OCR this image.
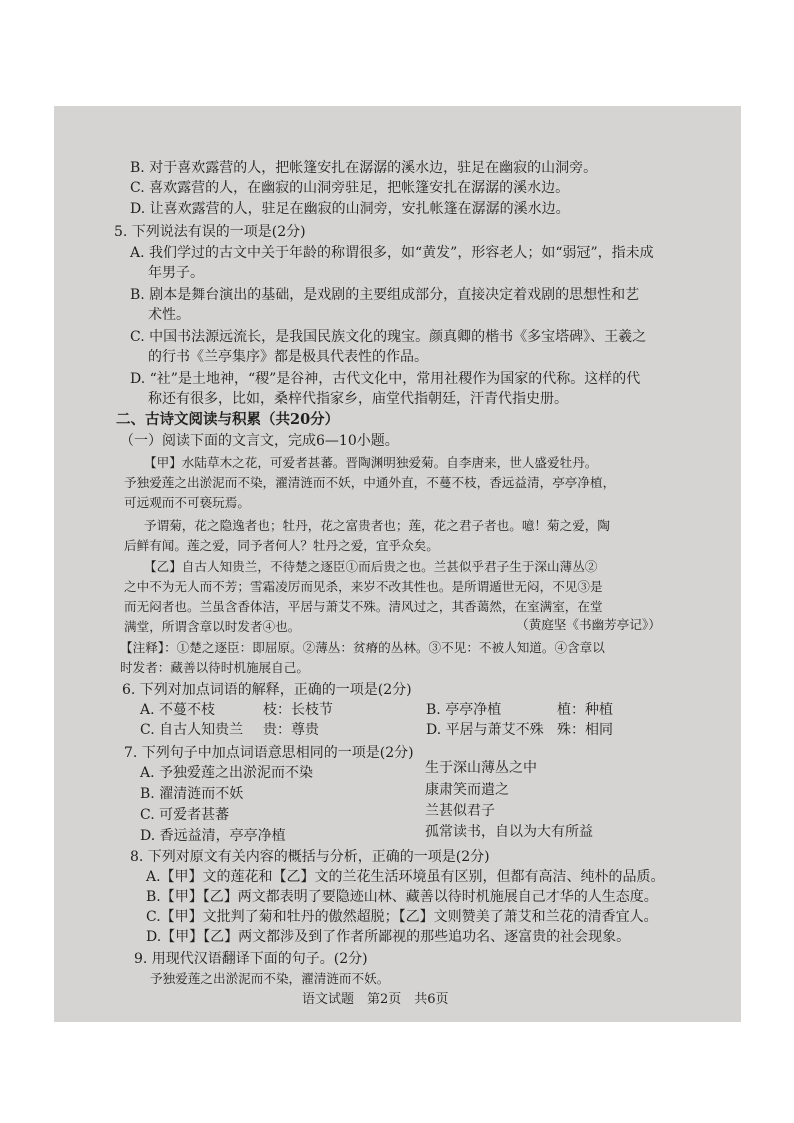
B. 对于喜欢露营的人，把帐篷安扎在潺潺的溪水边，驻足在幽寂的山洞旁。
C. 喜欢露营的人，在幽寂的山洞旁驻足，把帐篷安扎在潺潺的溪水边。
D. 让喜欢露营的人，驻足在幽寂的山洞旁，安扎帐篷在潺潺的溪水边。
5. 下列说法有误的一项是(2分)
A. 我们学过的古文中关于年龄的称谓很多，如“黄发”，形容老人；如“弱冠”，指未成
年男子。
B. 剧本是舞台演出的基础，是戏剧的主要组成部分，直接决定着戏剧的思想性和艺
术性。
C. 中国书法源远流长，是我国民族文化的瑰宝。颜真卿的楷书《多宝塔碑》、王羲之
的行书《兰亭集序》都是极具代表性的作品。
D. “社”是土地神，“稷”是谷神，古代文化中，常用社稷作为国家的代称。这样的代
称还有很多，比如，桑梓代指家乡，庙堂代指朝廷，汗青代指史册。
二、古诗文阅读与积累（共20分）
（一）阅读下面的文言文，完成6—10小题。
【甲】水陆草木之花，可爱者甚蕃。晋陶渊明独爱菊。自李唐来，世人盛爱牡丹。
予独爱莲之出淤泥而不染，濯清涟而不妖，中通外直，不蔓不枝，香远益清，亭亭净植，
可远观而不可亵玩焉。
予谓菊，花之隐逸者也；牡丹，花之富贵者也；莲，花之君子者也。噫！菊之爱，陶
后鲜有闻。莲之爱，同予者何人？牡丹之爱，宜乎众矣。
【乙】自古人知贵兰，不待楚之逐臣①而后贵之也。兰甚似乎君子生于深山薄丛②
之中不为无人而不芳；雪霜凌厉而见杀，来岁不改其性也。是所谓遁世无闷，不见③是
而无闷者也。兰虽含香体洁，平居与萧艾不殊。清风过之，其香蔼然，在室满室，在堂
满堂，所谓含章以时发者④也。	（黄庭坚《书幽芳亭记》）
【注释】：①楚之逐臣：即屈原。②薄丛：贫瘠的丛林。③不见：不被人知道。④含章以
时发者：藏善以待时机施展自己。
6. 下列对加点词语的解释，正确的一项是(2分)
A. 不蔓不枝	枝：长枝节	B. 亭亭净植	植：种植
C. 自古人知贵兰 贵：尊贵	D. 平居与萧艾不殊 殊：相同
7. 下列句子中加点词语意思相同的一项是(2分)
A. 予独爱莲之出淤泥而不染	生于深山薄丛之中
B. 濯清涟而不妖	康肃笑而遣之
C. 可爱者甚蕃	兰甚似君子
D. 香远益清，亭亭净植	孤常读书，自以为大有所益
8. 下列对原文有关内容的概括与分析，正确的一项是(2分)
A.【甲】文的莲花和【乙】文的兰花生活环境虽有区别，但都有高洁、纯朴的品质。
B.【甲】【乙】两文都表明了要隐迹山林、藏善以待时机施展自己才华的人生态度。
C.【甲】文批判了菊和牡丹的傲然超脱；【乙】文则赞美了萧艾和兰花的清香宜人。
D.【甲】【乙】两文都涉及到了作者所鄙视的那些追功名、逐富贵的社会现象。
9. 用现代汉语翻译下面的句子。(2分)
予独爱莲之出淤泥而不染，濯清涟而不妖。
语文试题　第2页　共6页
